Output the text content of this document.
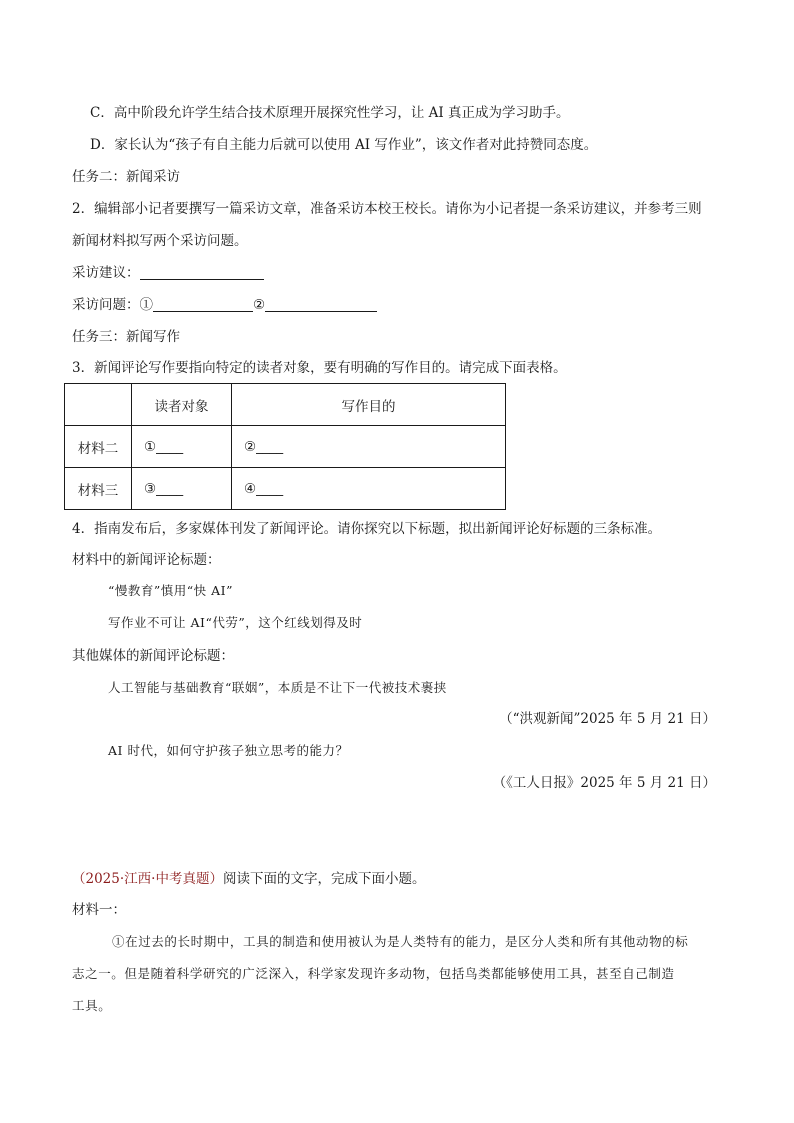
C．高中阶段允许学生结合技术原理开展探究性学习，让 AI 真正成为学习助手。
D．家长认为“孩子有自主能力后就可以使用 AI 写作业”，该文作者对此持赞同态度。
任务二：新闻采访
2．编辑部小记者要撰写一篇采访文章，准备采访本校王校长。请你为小记者提一条采访建议，并参考三则
新闻材料拟写两个采访问题。
采访建议：
采访问题：①	②
任务三：新闻写作
3．新闻评论写作要指向特定的读者对象，要有明确的写作目的。请完成下面表格。
	读者对象	写作目的
材料二	①____	②____
材料三	③____	④____
4．指南发布后，多家媒体刊发了新闻评论。请你探究以下标题，拟出新闻评论好标题的三条标准。
材料中的新闻评论标题：
“慢教育”慎用“快 AI”
写作业不可让 AI“代劳”，这个红线划得及时
其他媒体的新闻评论标题：
人工智能与基础教育“联姻”，本质是不让下一代被技术裹挟
（“洪观新闻”2025 年 5 月 21 日）
AI 时代，如何守护孩子独立思考的能力？
（《工人日报》2025 年 5 月 21 日）
（2025·江西·中考真题）阅读下面的文字，完成下面小题。
材料一：
①在过去的长时期中，工具的制造和使用被认为是人类特有的能力，是区分人类和所有其他动物的标
志之一。但是随着科学研究的广泛深入，科学家发现许多动物，包括鸟类都能够使用工具，甚至自己制造
工具。
